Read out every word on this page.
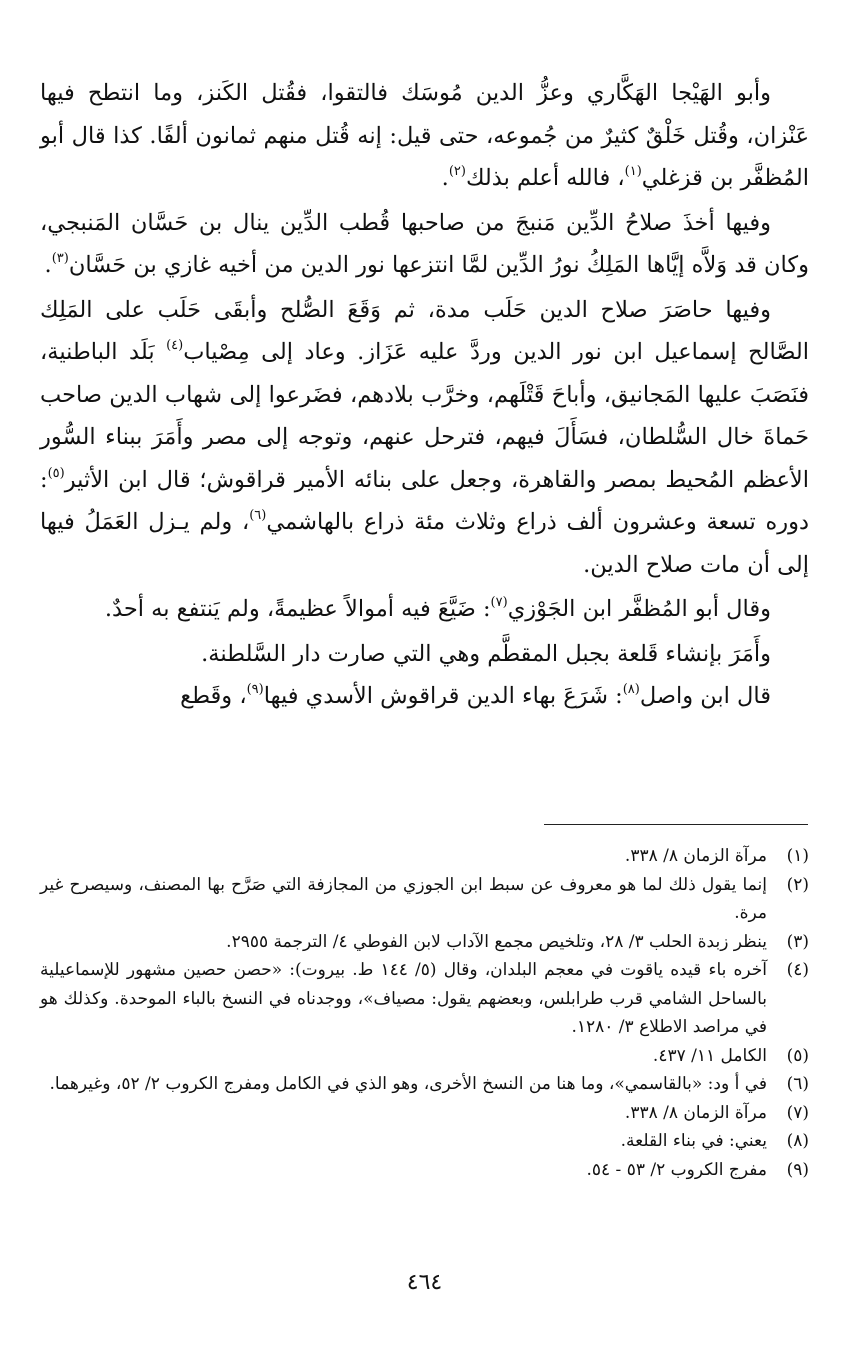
وأبو الهَيْجا الهَكَّاري وعزُّ الدين مُوسَك فالتقوا، فقُتل الكَنز، وما انتطح فيها عَنْزان، وقُتل خَلْقٌ كثيرٌ من جُموعه، حتى قيل: إنه قُتل منهم ثمانون ألفًا. كذا قال أبو المُظفَّر بن قزغلي$^{(١)}$، فالله أعلم بذلك$^{(٢)}$.

وفيها أخذَ صلاحُ الدِّين مَنبجَ من صاحبها قُطب الدِّين ينال بن حَسَّان المَنبجي، وكان قد وَلاَّه إيَّاها المَلِكُ نورُ الدِّين لمَّا انتزعها نور الدين من أخيه غازي بن حَسَّان$^{(٣)}$.

وفيها حاصَرَ صلاح الدين حَلَب مدة، ثم وَقَعَ الصُّلح وأبقَى حَلَب على المَلِك الصَّالح إسماعيل ابن نور الدين وردَّ عليه عَزَاز. وعاد إلى مِصْياب$^{(٤)}$ بَلَد الباطنية، فنَصَبَ عليها المَجانيق، وأباحَ قَتْلَهم، وخرَّب بلادهم، فضَرعوا إلى شهاب الدين صاحب حَماةَ خال السُّلطان، فسَأَلَ فيهم، فترحل عنهم، وتوجه إلى مصر وأَمَرَ ببناء السُّور الأعظم المُحيط بمصر والقاهرة، وجعل على بنائه الأمير قراقوش؛ قال ابن الأثير$^{(٥)}$: دوره تسعة وعشرون ألف ذراع وثلاث مئة ذراع بالهاشمي$^{(٦)}$، ولم يـزل العَمَلُ فيها إلى أن مات صلاح الدين.

وقال أبو المُظفَّر ابن الجَوْزي$^{(٧)}$: ضَيَّعَ فيه أموالاً عظيمةً، ولم يَنتفع به أحدٌ.

وأَمَرَ بإنشاء قَلعة بجبل المقطَّم وهي التي صارت دار السَّلطنة.

قال ابن واصل$^{(٨)}$: شَرَعَ بهاء الدين قراقوش الأسدي فيها$^{(٩)}$، وقَطع

(١)
مرآة الزمان ٨/ ٣٣٨.
(٢)
إنما يقول ذلك لما هو معروف عن سبط ابن الجوزي من المجازفة التي صَرَّح بها المصنف، وسيصرح غير مرة.
(٣)
ينظر زبدة الحلب ٣/ ٢٨، وتلخيص مجمع الآداب لابن الفوطي ٤/ الترجمة ٢٩٥٥.
(٤)
آخره باء قيده ياقوت في معجم البلدان، وقال (٥/ ١٤٤ ط. بيروت): «حصن حصين مشهور للإسماعيلية بالساحل الشامي قرب طرابلس، وبعضهم يقول: مصياف»، ووجدناه في النسخ بالباء الموحدة. وكذلك هو في مراصد الاطلاع ٣/ ١٢٨٠.
(٥)
الكامل ١١/ ٤٣٧.
(٦)
في أ ود: «بالقاسمي»، وما هنا من النسخ الأخرى، وهو الذي في الكامل ومفرج الكروب ٢/ ٥٢، وغيرهما.
(٧)
مرآة الزمان ٨/ ٣٣٨.
(٨)
يعني: في بناء القلعة.
(٩)
مفرج الكروب ٢/ ٥٣ - ٥٤.
٤٦٤
